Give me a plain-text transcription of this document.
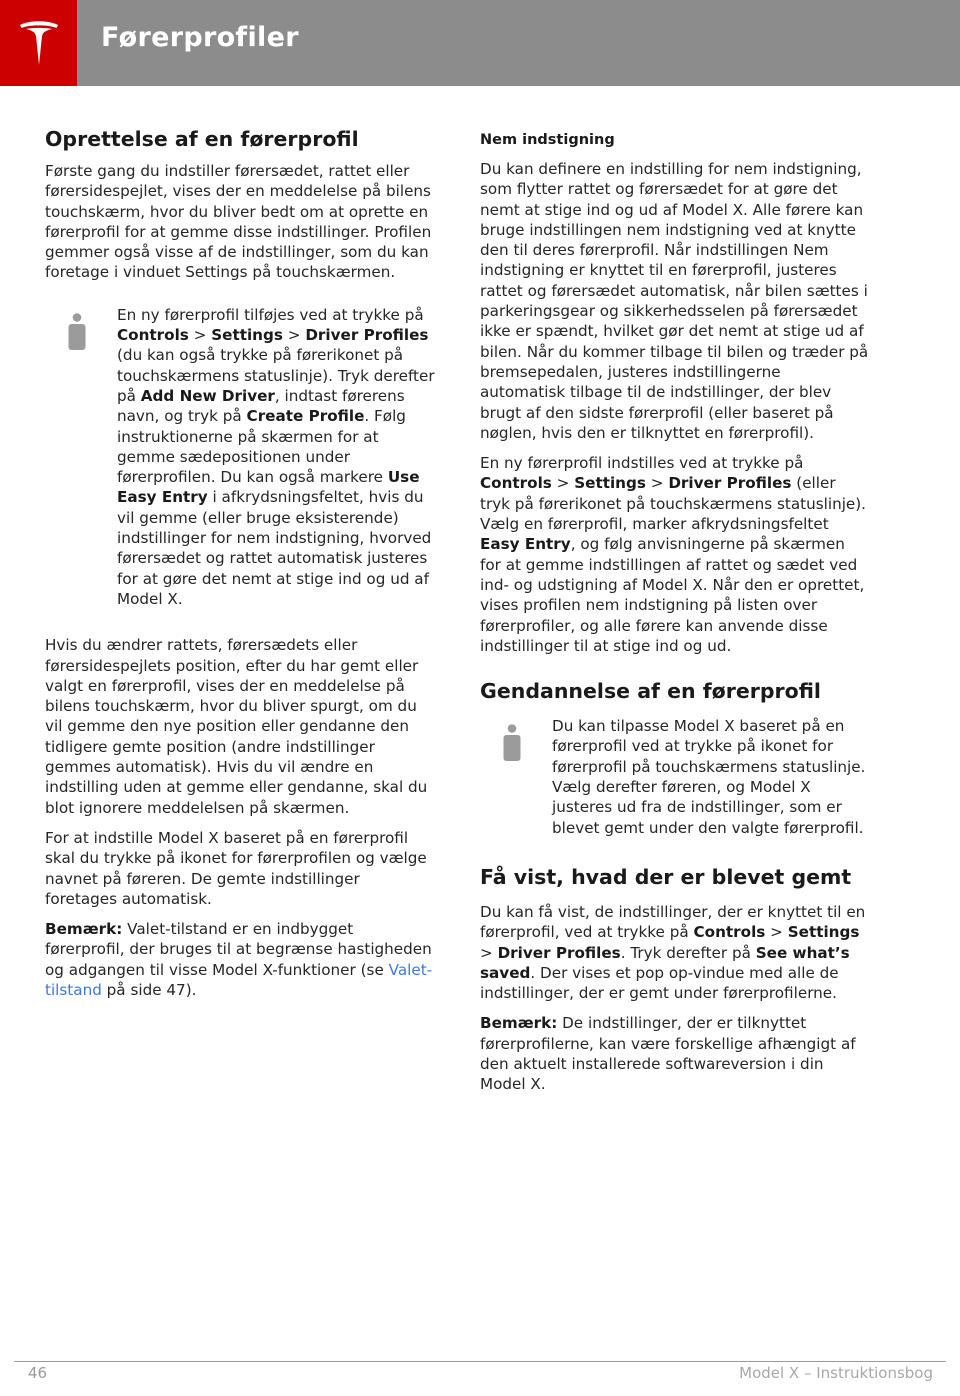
Førerprofiler
Oprettelse af en førerprofil

Første gang du indstiller førersædet, rattet eller førersidespejlet, vises der en meddelelse på bilens touchskærm, hvor du bliver bedt om at oprette en førerprofil for at gemme disse indstillinger. Profilen gemmer også visse af de indstillinger, som du kan foretage i vinduet Settings på touchskærmen.

En ny førerprofil tilføjes ved at trykke på Controls > Settings > Driver Profiles (du kan også trykke på førerikonet på touchskærmens statuslinje). Tryk derefter på Add New Driver, indtast førerens navn, og tryk på Create Profile. Følg instruktionerne på skærmen for at gemme sædepositionen under førerprofilen. Du kan også markere Use Easy Entry i afkrydsningsfeltet, hvis du vil gemme (eller bruge eksisterende) indstillinger for nem indstigning, hvorved førersædet og rattet automatisk justeres for at gøre det nemt at stige ind og ud af Model X.

Hvis du ændrer rattets, førersædets eller førersidespejlets position, efter du har gemt eller valgt en førerprofil, vises der en meddelelse på bilens touchskærm, hvor du bliver spurgt, om du vil gemme den nye position eller gendanne den tidligere gemte position (andre indstillinger gemmes automatisk). Hvis du vil ændre en indstilling uden at gemme eller gendanne, skal du blot ignorere meddelelsen på skærmen.

For at indstille Model X baseret på en førerprofil skal du trykke på ikonet for førerprofilen og vælge navnet på føreren. De gemte indstillinger foretages automatisk.

Bemærk: Valet-tilstand er en indbygget førerprofil, der bruges til at begrænse hastigheden og adgangen til visse Model X-funktioner (se Valet-tilstand på side 47).

Nem indstigning

Du kan definere en indstilling for nem indstigning, som flytter rattet og førersædet for at gøre det nemt at stige ind og ud af Model X. Alle førere kan bruge indstillingen nem indstigning ved at knytte den til deres førerprofil. Når indstillingen Nem indstigning er knyttet til en førerprofil, justeres rattet og førersædet automatisk, når bilen sættes i parkeringsgear og sikkerhedsselen på førersædet ikke er spændt, hvilket gør det nemt at stige ud af bilen. Når du kommer tilbage til bilen og træder på bremsepedalen, justeres indstillingerne automatisk tilbage til de indstillinger, der blev brugt af den sidste førerprofil (eller baseret på nøglen, hvis den er tilknyttet en førerprofil).

En ny førerprofil indstilles ved at trykke på Controls > Settings > Driver Profiles (eller tryk på førerikonet på touchskærmens statuslinje). Vælg en førerprofil, marker afkrydsningsfeltet Easy Entry, og følg anvisningerne på skærmen for at gemme indstillingen af rattet og sædet ved ind- og udstigning af Model X. Når den er oprettet, vises profilen nem indstigning på listen over førerprofiler, og alle førere kan anvende disse indstillinger til at stige ind og ud.

Gendannelse af en førerprofil
Du kan tilpasse Model X baseret på en førerprofil ved at trykke på ikonet for førerprofil på touchskærmens statuslinje. Vælg derefter føreren, og Model X justeres ud fra de indstillinger, som er blevet gemt under den valgte førerprofil.
Få vist, hvad der er blevet gemt

Du kan få vist, de indstillinger, der er knyttet til en førerprofil, ved at trykke på Controls > Settings > Driver Profiles. Tryk derefter på See what’s saved. Der vises et pop op-vindue med alle de indstillinger, der er gemt under førerprofilerne.

Bemærk: De indstillinger, der er tilknyttet førerprofilerne, kan være forskellige afhængigt af den aktuelt installerede softwareversion i din Model X.

46	Model X – Instruktionsbog
